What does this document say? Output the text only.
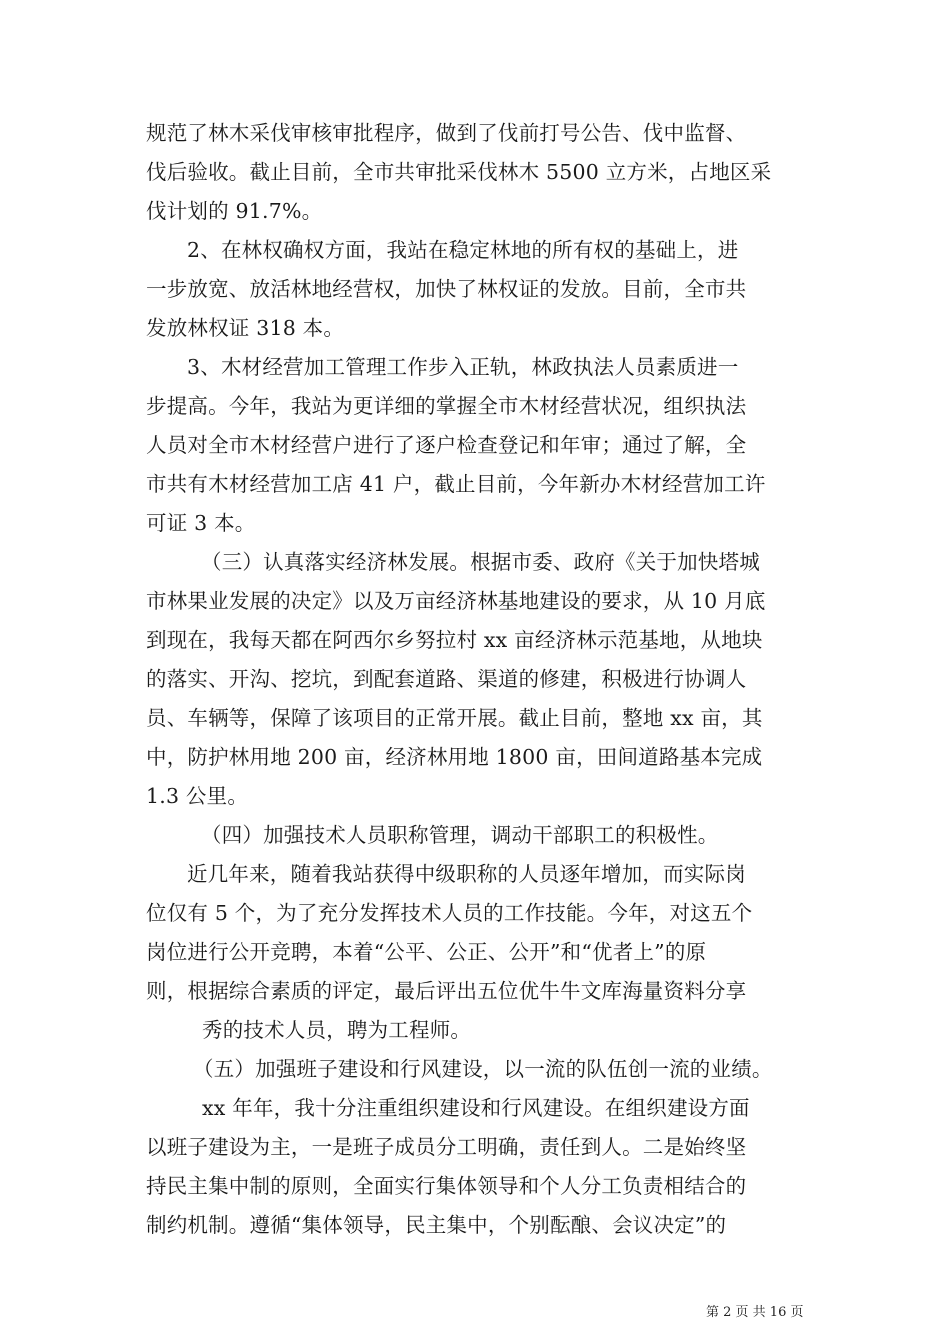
规范了林木采伐审核审批程序，做到了伐前打号公告、伐中监督、
伐后验收。截止目前，全市共审批采伐林木 5500 立方米，占地区采
伐计划的 91.7%。
2、在林权确权方面，我站在稳定林地的所有权的基础上，进
一步放宽、放活林地经营权，加快了林权证的发放。目前，全市共
发放林权证 318 本。
3、木材经营加工管理工作步入正轨，林政执法人员素质进一
步提高。今年，我站为更详细的掌握全市木材经营状况，组织执法
人员对全市木材经营户进行了逐户检查登记和年审；通过了解，全
市共有木材经营加工店 41 户，截止目前，今年新办木材经营加工许
可证 3 本。
（三）认真落实经济林发展。根据市委、政府《关于加快塔城
市林果业发展的决定》以及万亩经济林基地建设的要求，从 10 月底
到现在，我每天都在阿西尔乡努拉村 xx 亩经济林示范基地，从地块
的落实、开沟、挖坑，到配套道路、渠道的修建，积极进行协调人
员、车辆等，保障了该项目的正常开展。截止目前，整地 xx 亩，其
中，防护林用地 200 亩，经济林用地 1800 亩，田间道路基本完成
1.3 公里。
（四）加强技术人员职称管理，调动干部职工的积极性。
近几年来，随着我站获得中级职称的人员逐年增加，而实际岗
位仅有 5 个，为了充分发挥技术人员的工作技能。今年，对这五个
岗位进行公开竞聘，本着“公平、公正、公开”和“优者上”的原
则，根据综合素质的评定，最后评出五位优牛牛文库海量资料分享
秀的技术人员，聘为工程师。
（五）加强班子建设和行风建设，以一流的队伍创一流的业绩。
xx 年年，我十分注重组织建设和行风建设。在组织建设方面
以班子建设为主，一是班子成员分工明确，责任到人。二是始终坚
持民主集中制的原则，全面实行集体领导和个人分工负责相结合的
制约机制。遵循“集体领导，民主集中，个别酝酿、会议决定”的
第 2 页 共 16 页
